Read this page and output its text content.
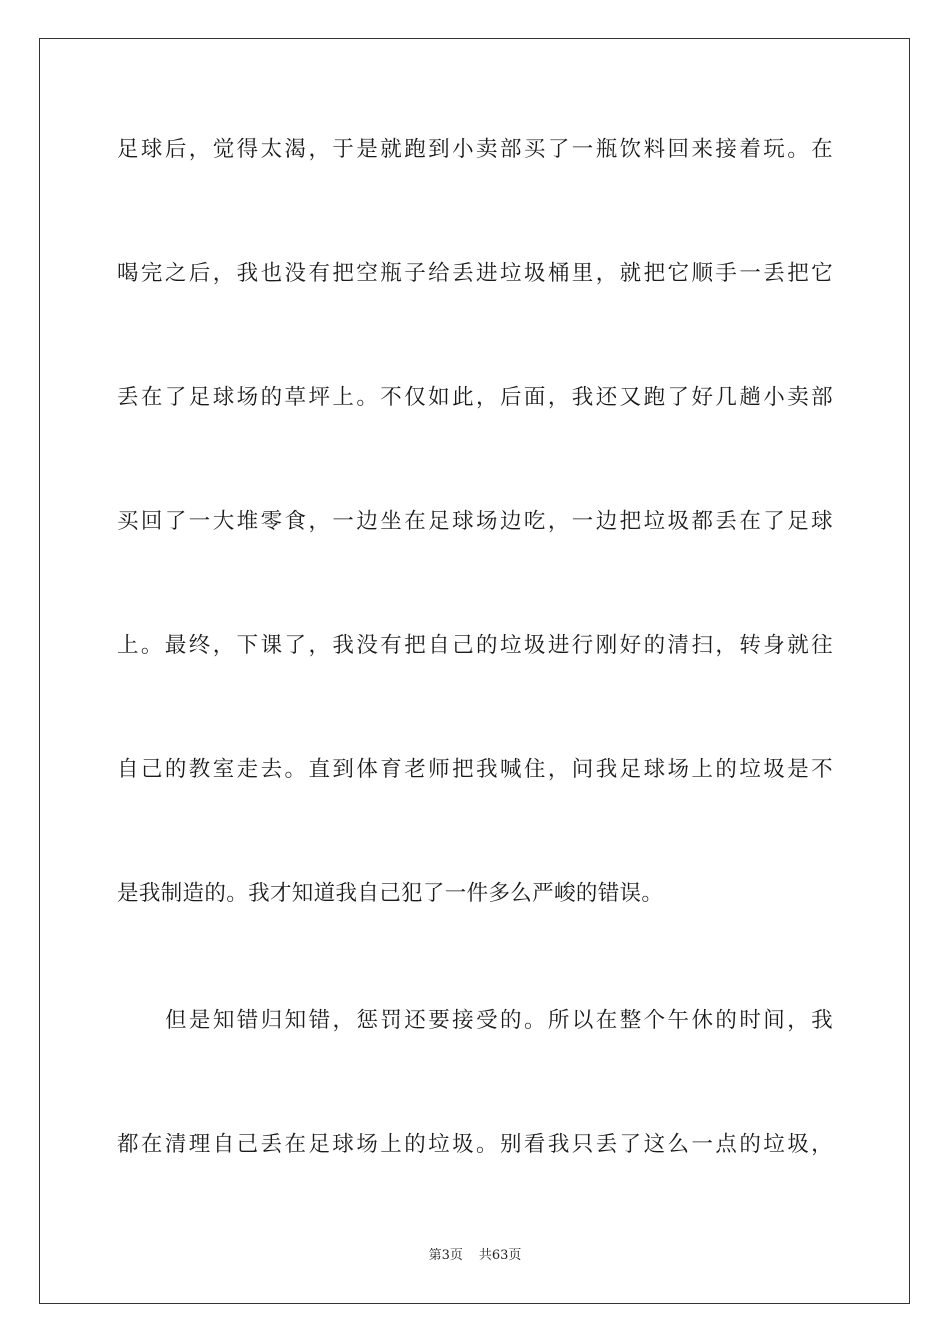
足球后，觉得太渴，于是就跑到小卖部买了一瓶饮料回来接着玩。在
喝完之后，我也没有把空瓶子给丢进垃圾桶里，就把它顺手一丢把它
丢在了足球场的草坪上。不仅如此，后面，我还又跑了好几趟小卖部
买回了一大堆零食，一边坐在足球场边吃，一边把垃圾都丢在了足球
上。最终，下课了，我没有把自己的垃圾进行刚好的清扫，转身就往
自己的教室走去。直到体育老师把我喊住，问我足球场上的垃圾是不
是我制造的。我才知道我自己犯了一件多么严峻的错误。
但是知错归知错，惩罚还要接受的。所以在整个午休的时间，我
都在清理自己丢在足球场上的垃圾。别看我只丢了这么一点的垃圾，
第3页 共63页
